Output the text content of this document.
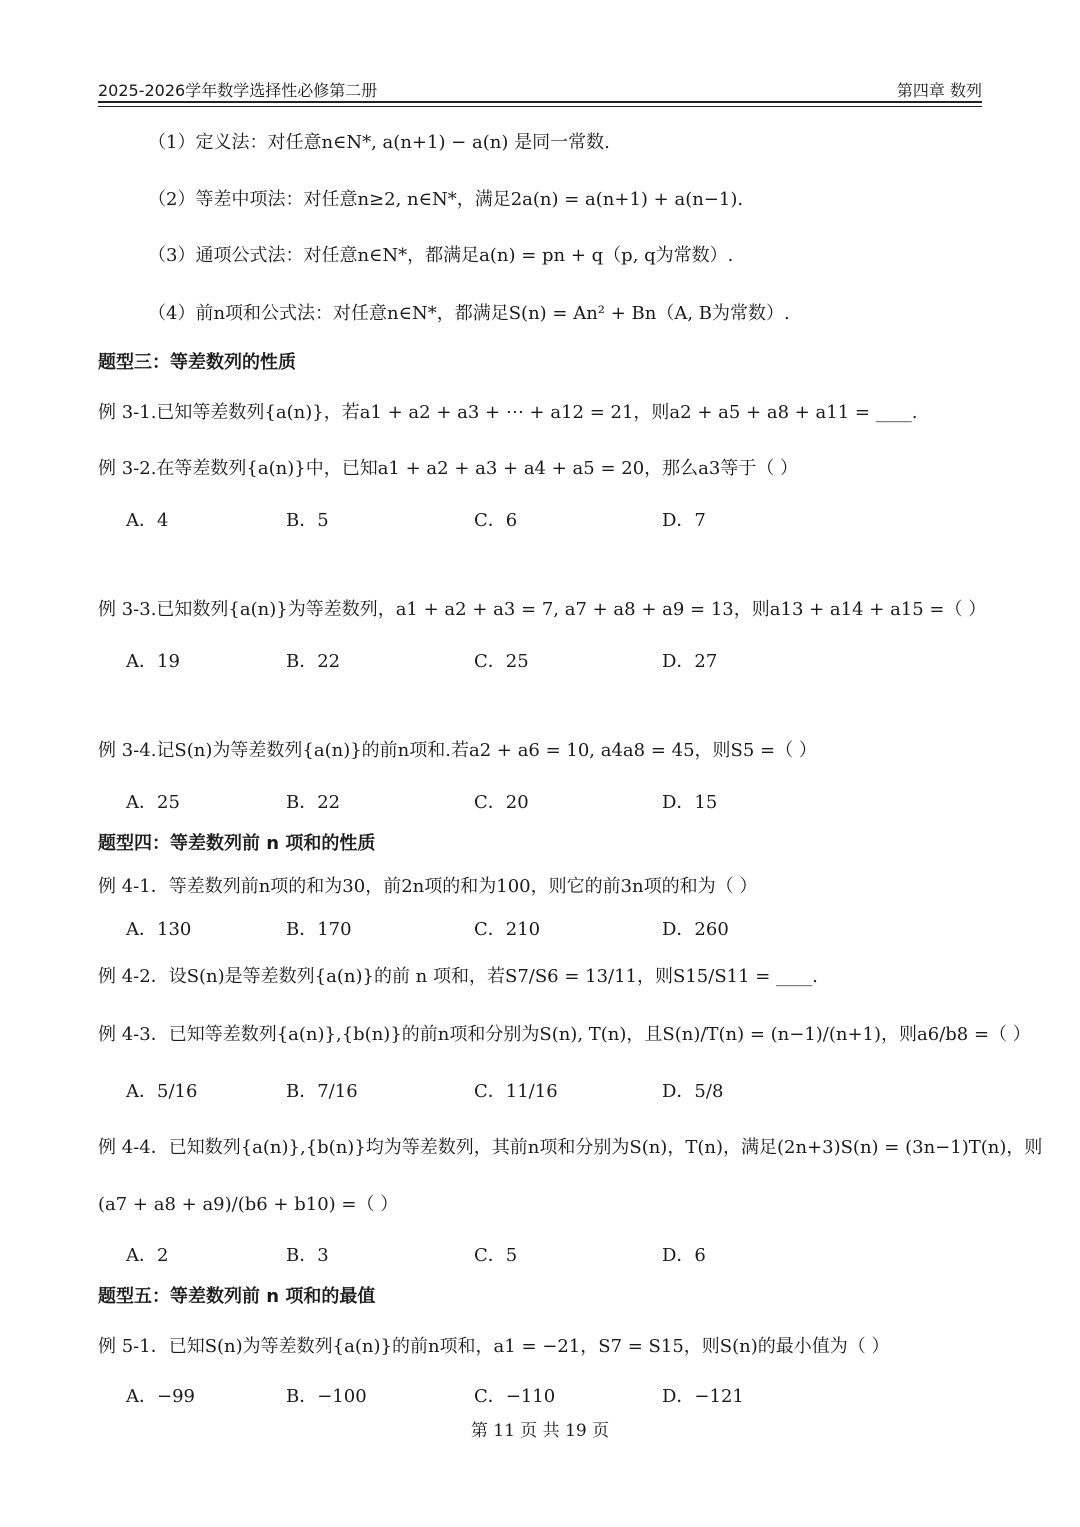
2025-2026学年数学选择性必修第二册	第四章 数列
（1）定义法：对任意n∈N*, a(n+1) − a(n) 是同一常数.
（2）等差中项法：对任意n≥2, n∈N*，满足2a(n) = a(n+1) + a(n−1).
（3）通项公式法：对任意n∈N*，都满足a(n) = pn + q（p, q为常数）.
（4）前n项和公式法：对任意n∈N*，都满足S(n) = An² + Bn（A, B为常数）.
题型三：等差数列的性质
例 3-1.已知等差数列{a(n)}，若a1 + a2 + a3 + ⋯ + a12 = 21，则a2 + a5 + a8 + a11 = ____.
例 3-2.在等差数列{a(n)}中，已知a1 + a2 + a3 + a4 + a5 = 20，那么a3等于（ ）
A．4	B．5	C．6	D．7
例 3-3.已知数列{a(n)}为等差数列，a1 + a2 + a3 = 7, a7 + a8 + a9 = 13，则a13 + a14 + a15 =（ ）
A．19	B．22	C．25	D．27
例 3-4.记S(n)为等差数列{a(n)}的前n项和.若a2 + a6 = 10, a4a8 = 45，则S5 =（ ）
A．25	B．22	C．20	D．15
题型四：等差数列前 n 项和的性质
例 4-1．等差数列前n项的和为30，前2n项的和为100，则它的前3n项的和为（ ）
A．130	B．170	C．210	D．260
例 4-2．设S(n)是等差数列{a(n)}的前 n 项和，若S7/S6 = 13/11，则S15/S11 = ____.
例 4-3．已知等差数列{a(n)},{b(n)}的前n项和分别为S(n), T(n)，且S(n)/T(n) = (n−1)/(n+1)，则a6/b8 =（ ）
A．5/16	B．7/16	C．11/16	D．5/8
例 4-4．已知数列{a(n)},{b(n)}均为等差数列，其前n项和分别为S(n)，T(n)，满足(2n+3)S(n) = (3n−1)T(n)，则
(a7 + a8 + a9)/(b6 + b10) =（ ）
A．2	B．3	C．5	D．6
题型五：等差数列前 n 项和的最值
例 5-1．已知S(n)为等差数列{a(n)}的前n项和，a1 = −21，S7 = S15，则S(n)的最小值为（ ）
A．−99	B．−100	C．−110	D．−121
第 11 页 共 19 页
